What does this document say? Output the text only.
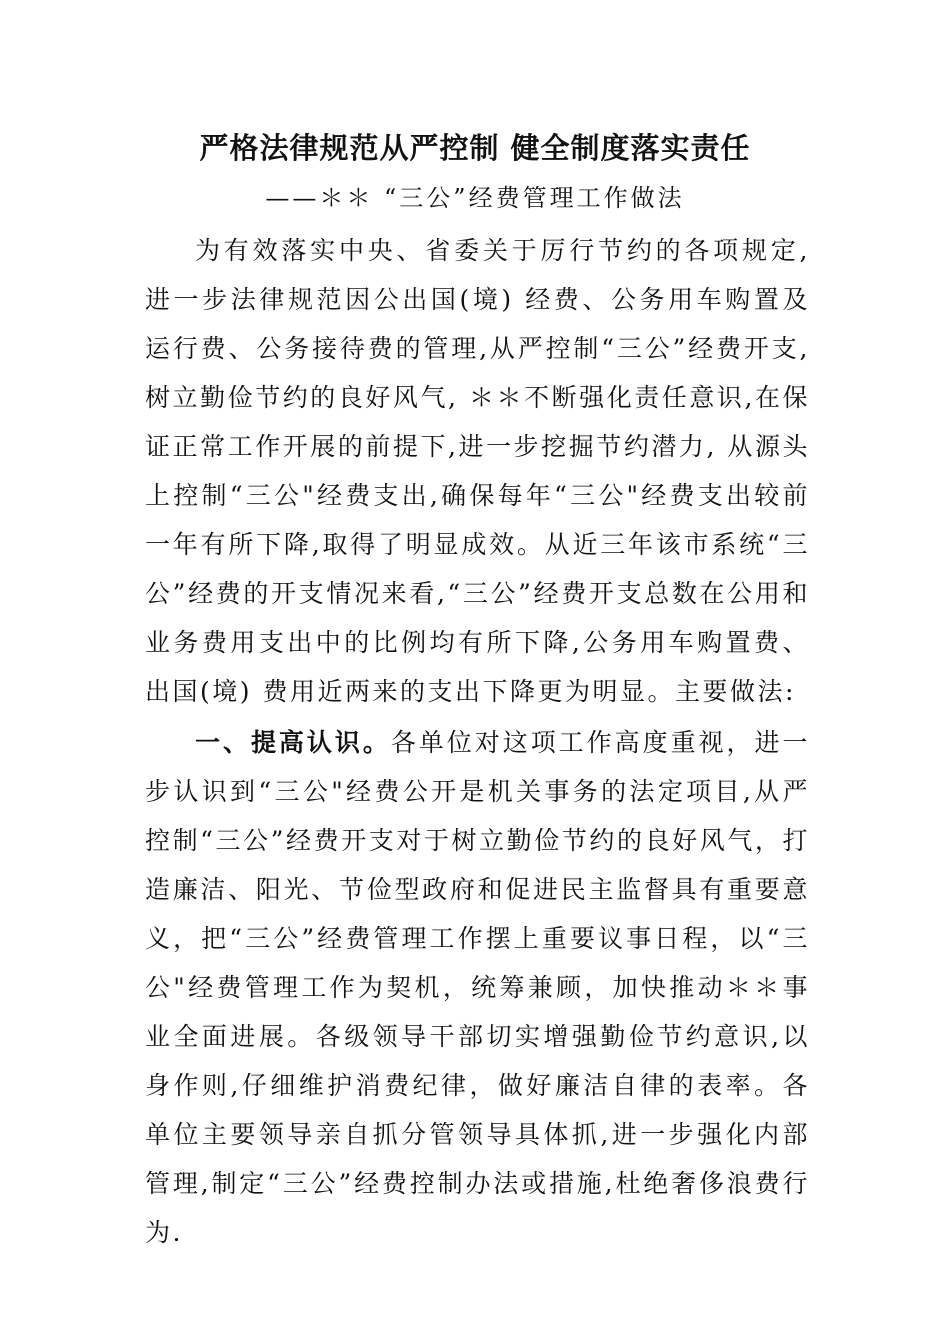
严格法律规范从严控制 健全制度落实责任
——＊＊ “三公”经费管理工作做法
为有效落实中央、省委关于厉行节约的各项规定,进一步法律规范因公出国(境) 经费、公务用车购置及运行费、公务接待费的管理,从严控制“三公”经费开支,树立勤俭节约的良好风气, ＊＊不断强化责任意识,在保证正常工作开展的前提下,进一步挖掘节约潜力, 从源头上控制“三公"经费支出,确保每年“三公"经费支出较前一年有所下降,取得了明显成效。从近三年该市系统“三公”经费的开支情况来看,“三公”经费开支总数在公用和业务费用支出中的比例均有所下降,公务用车购置费、出国(境) 费用近两来的支出下降更为明显。主要做法:
一、提高认识。各单位对这项工作高度重视，进一步认识到“三公"经费公开是机关事务的法定项目,从严控制“三公”经费开支对于树立勤俭节约的良好风气，打造廉洁、阳光、节俭型政府和促进民主监督具有重要意义，把“三公”经费管理工作摆上重要议事日程，以“三公"经费管理工作为契机，统筹兼顾，加快推动＊＊事业全面进展。各级领导干部切实增强勤俭节约意识,以身作则,仔细维护消费纪律，做好廉洁自律的表率。各单位主要领导亲自抓分管领导具体抓,进一步强化内部管理,制定“三公”经费控制办法或措施,杜绝奢侈浪费行为.
